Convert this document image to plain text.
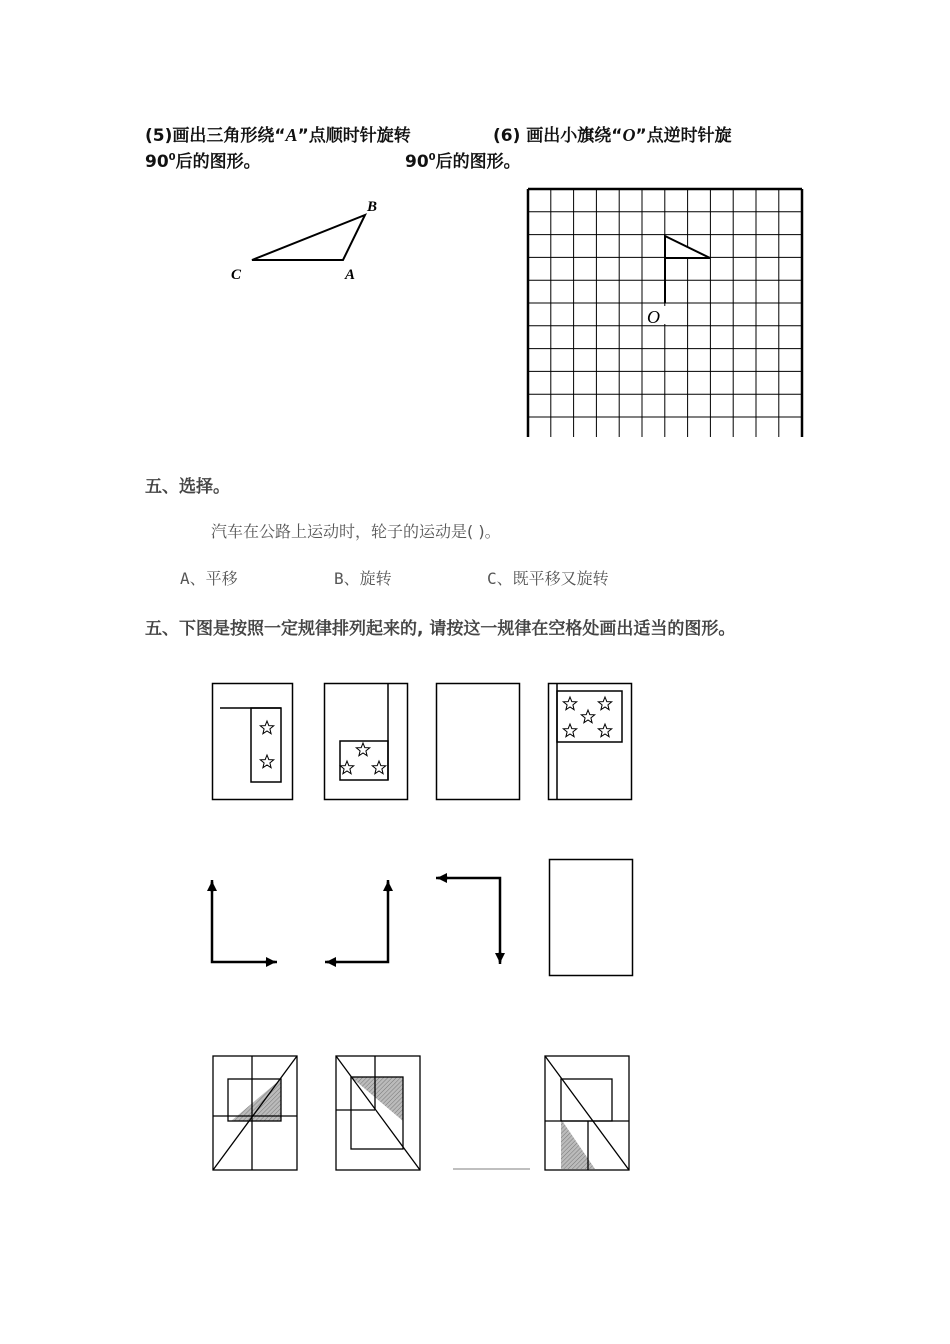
(5)画出三角形绕“A”点顺时针旋转
$90^0$后的图形。
(6) 画出小旗绕“O”点逆时针旋
$90^0$后的图形。
B
C	A
O
五、选择。
汽车在公路上运动时，轮子的运动是( )。
A、平移	B、旋转	C、既平移又旋转
五、下图是按照一定规律排列起来的, 请按这一规律在空格处画出适当的图形。
